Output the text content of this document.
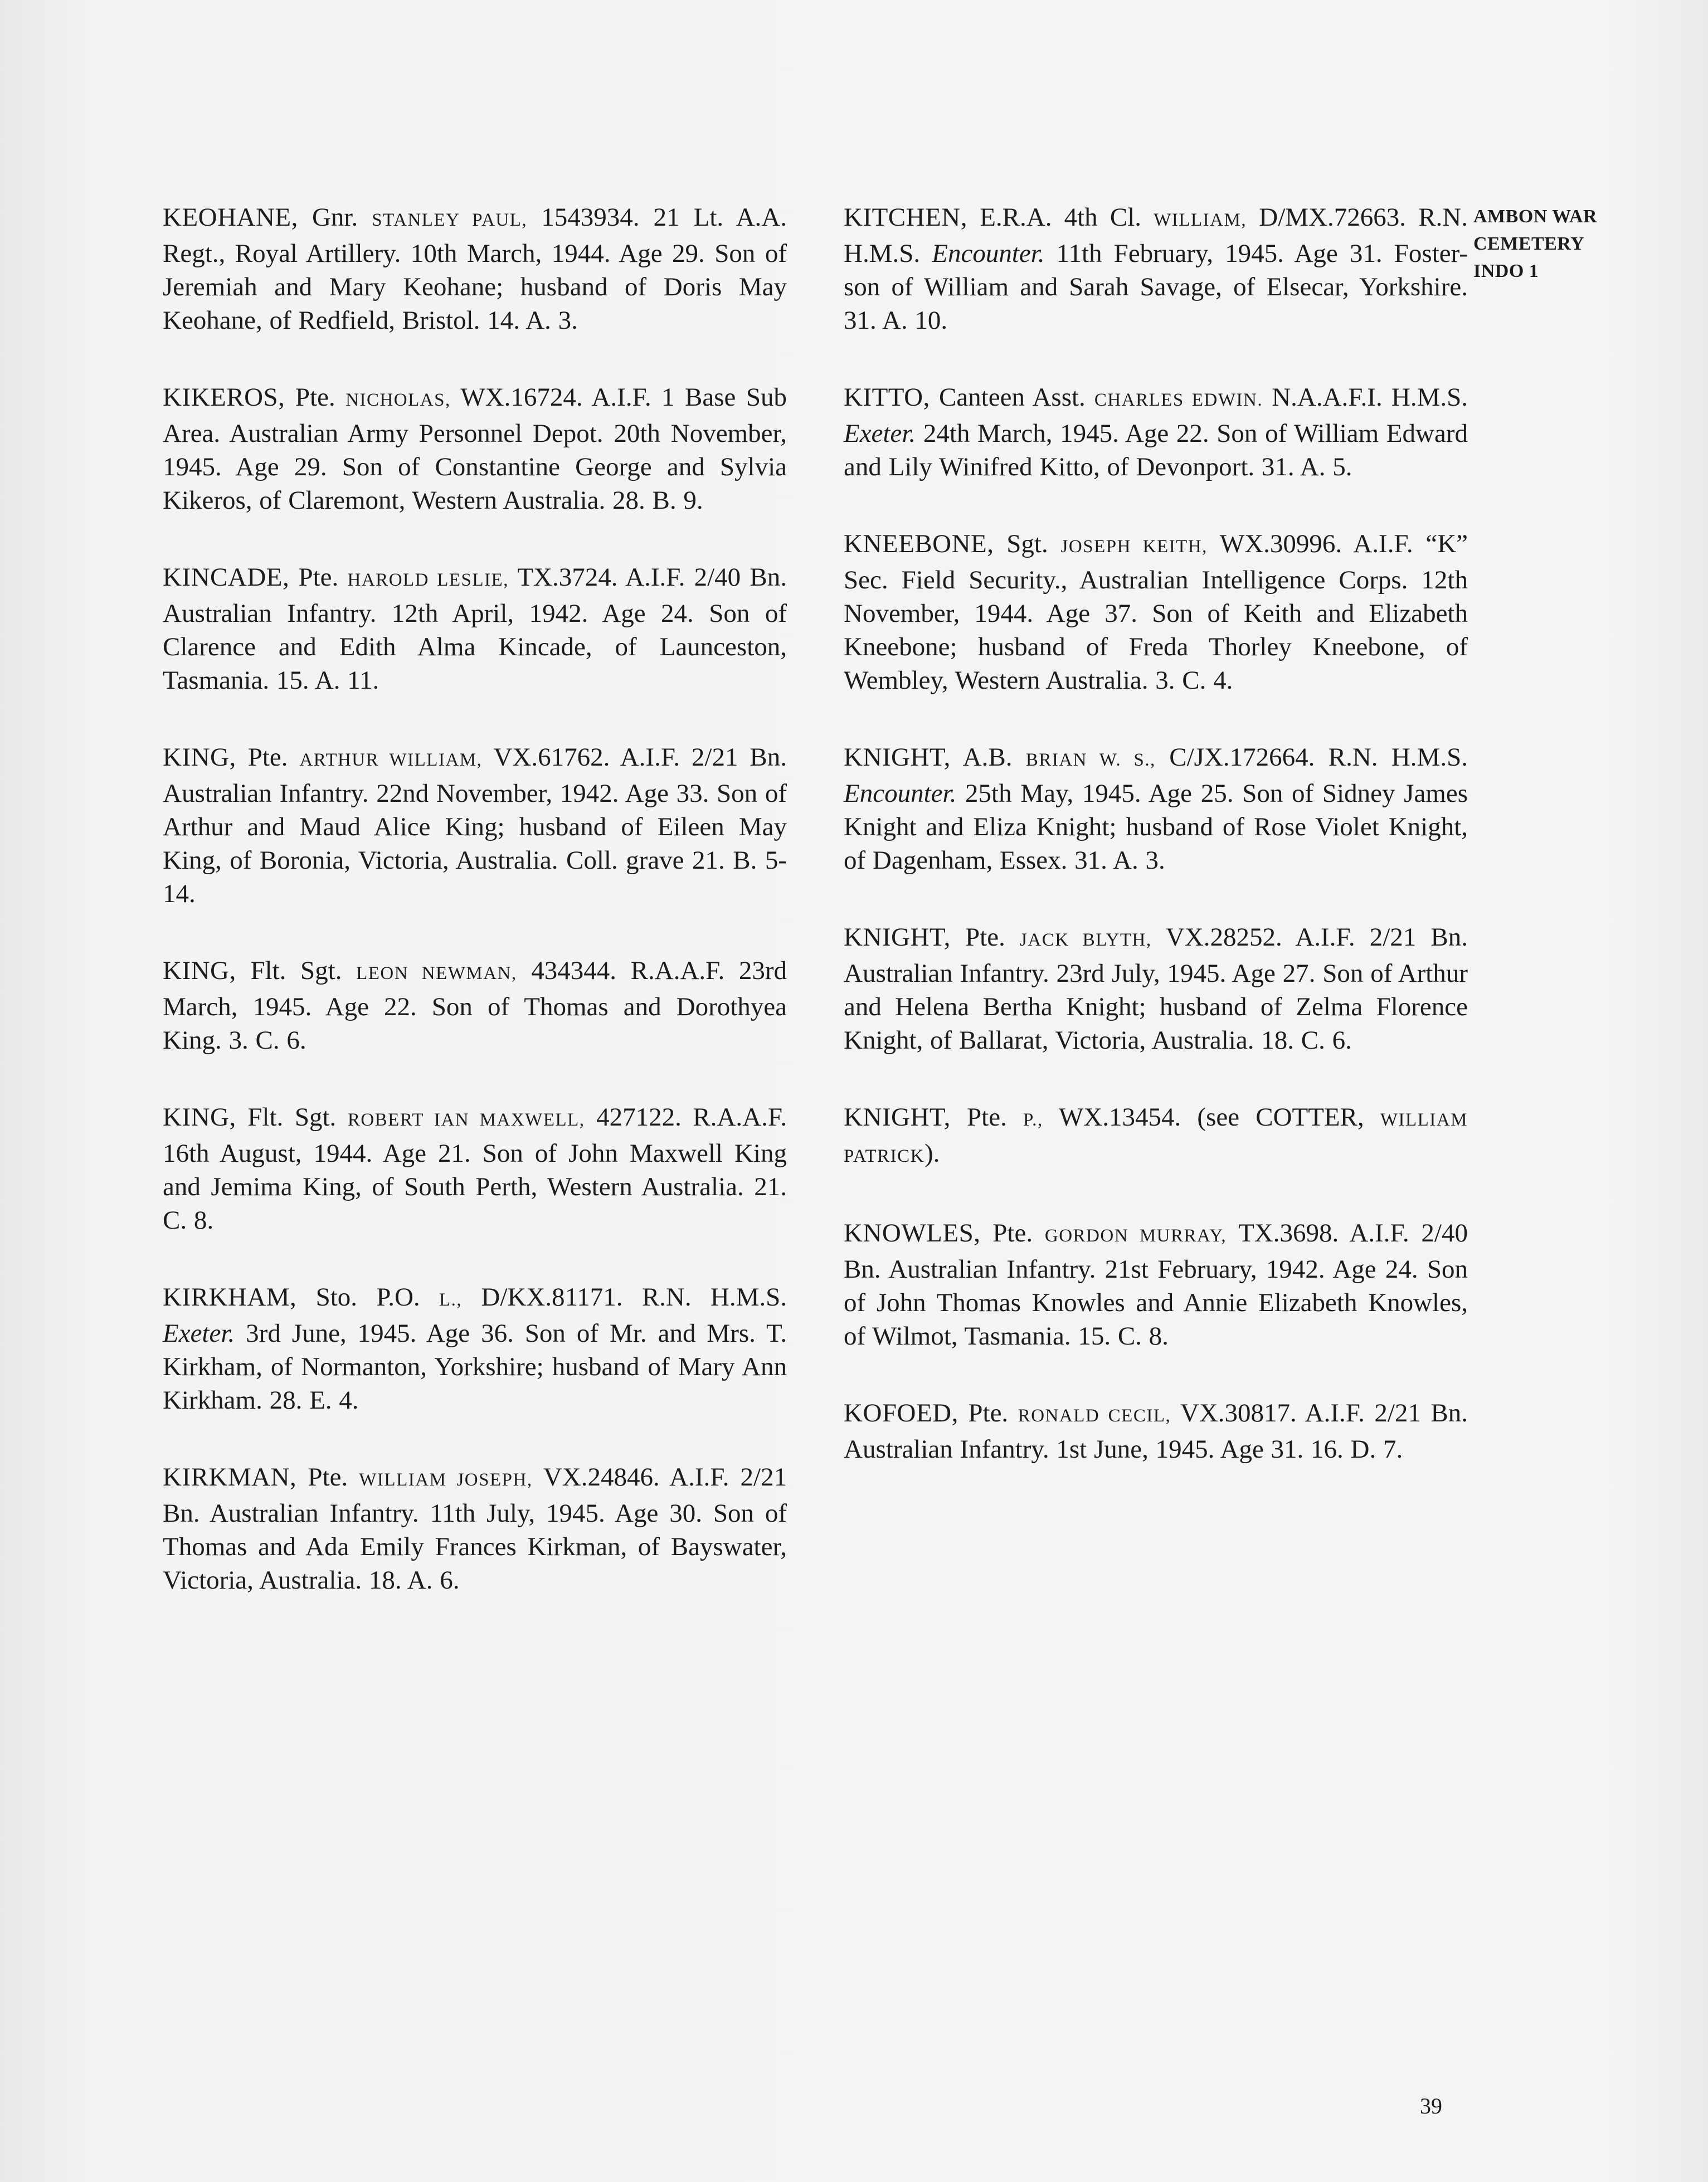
KEOHANE, Gnr. STANLEY PAUL, 1543934. 21 Lt. A.A. Regt., Royal Artillery. 10th March, 1944. Age 29. Son of Jeremiah and Mary Keohane; husband of Doris May Keohane, of Redfield, Bristol. 14. A. 3.

KIKEROS, Pte. NICHOLAS, WX.16724. A.I.F. 1 Base Sub Area. Australian Army Personnel Depot. 20th November, 1945. Age 29. Son of Constantine George and Sylvia Kikeros, of Claremont, Western Australia. 28. B. 9.

KINCADE, Pte. HAROLD LESLIE, TX.3724. A.I.F. 2/40 Bn. Australian Infantry. 12th April, 1942. Age 24. Son of Clarence and Edith Alma Kincade, of Launceston, Tasmania. 15. A. 11.

KING, Pte. ARTHUR WILLIAM, VX.61762. A.I.F. 2/21 Bn. Australian Infantry. 22nd November, 1942. Age 33. Son of Arthur and Maud Alice King; husband of Eileen May King, of Boronia, Victoria, Australia. Coll. grave 21. B. 5-14.

KING, Flt. Sgt. LEON NEWMAN, 434344. R.A.A.F. 23rd March, 1945. Age 22. Son of Thomas and Dorothyea King. 3. C. 6.

KING, Flt. Sgt. ROBERT IAN MAXWELL, 427122. R.A.A.F. 16th August, 1944. Age 21. Son of John Maxwell King and Jemima King, of South Perth, Western Australia. 21. C. 8.

KIRKHAM, Sto. P.O. L., D/KX.81171. R.N. H.M.S. Exeter. 3rd June, 1945. Age 36. Son of Mr. and Mrs. T. Kirkham, of Normanton, Yorkshire; husband of Mary Ann Kirkham. 28. E. 4.

KIRKMAN, Pte. WILLIAM JOSEPH, VX.24846. A.I.F. 2/21 Bn. Australian Infantry. 11th July, 1945. Age 30. Son of Thomas and Ada Emily Frances Kirkman, of Bayswater, Victoria, Australia. 18. A. 6.

KITCHEN, E.R.A. 4th Cl. WILLIAM, D/MX.72663. R.N. H.M.S. Encounter. 11th February, 1945. Age 31. Foster-son of William and Sarah Savage, of Elsecar, Yorkshire. 31. A. 10.

KITTO, Canteen Asst. CHARLES EDWIN. N.A.A.F.I. H.M.S. Exeter. 24th March, 1945. Age 22. Son of William Edward and Lily Winifred Kitto, of Devonport. 31. A. 5.

KNEEBONE, Sgt. JOSEPH KEITH, WX.30996. A.I.F. “K” Sec. Field Security., Australian Intelligence Corps. 12th November, 1944. Age 37. Son of Keith and Elizabeth Kneebone; husband of Freda Thorley Kneebone, of Wembley, Western Australia. 3. C. 4.

KNIGHT, A.B. BRIAN W. S., C/JX.172664. R.N. H.M.S. Encounter. 25th May, 1945. Age 25. Son of Sidney James Knight and Eliza Knight; husband of Rose Violet Knight, of Dagenham, Essex. 31. A. 3.

KNIGHT, Pte. JACK BLYTH, VX.28252. A.I.F. 2/21 Bn. Australian Infantry. 23rd July, 1945. Age 27. Son of Arthur and Helena Bertha Knight; husband of Zelma Florence Knight, of Ballarat, Victoria, Australia. 18. C. 6.

KNIGHT, Pte. P., WX.13454. (see COTTER, WILLIAM PATRICK).

KNOWLES, Pte. GORDON MURRAY, TX.3698. A.I.F. 2/40 Bn. Australian Infantry. 21st February, 1942. Age 24. Son of John Thomas Knowles and Annie Elizabeth Knowles, of Wilmot, Tasmania. 15. C. 8.

KOFOED, Pte. RONALD CECIL, VX.30817. A.I.F. 2/21 Bn. Australian Infantry. 1st June, 1945. Age 31. 16. D. 7.

AMBON WAR
CEMETERY
INDO 1
39
